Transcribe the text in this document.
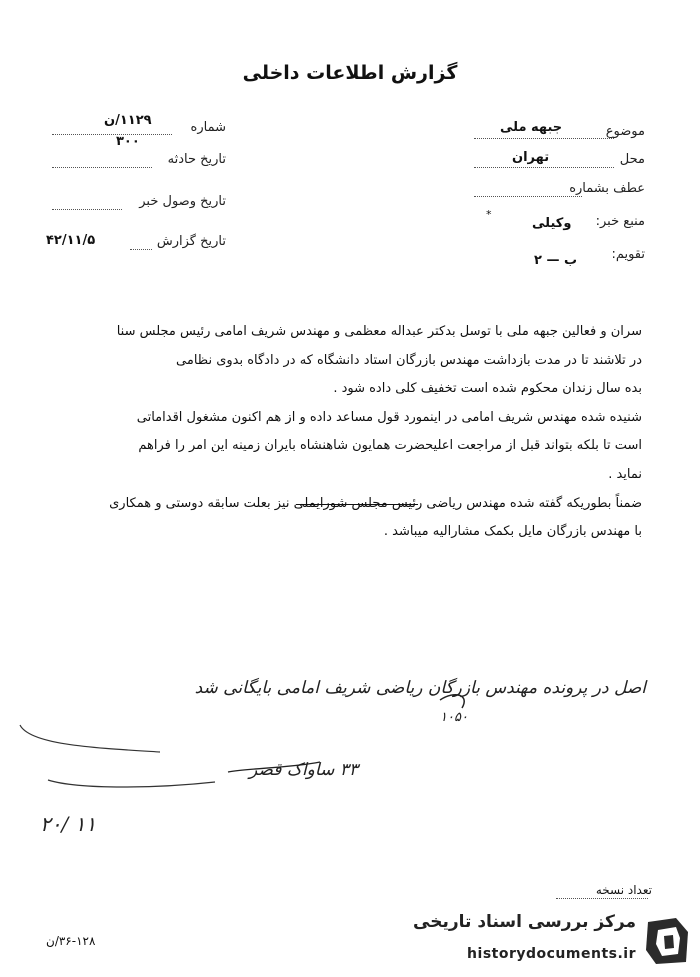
گزارش اطلاعات داخلی
شماره
۱۱۲۹/ن
۳۰۰
تاریخ حادثه
تاریخ وصول خبر
تاریخ گزارش
۴۲/۱۱/۵
موضوع
جبهه ملی
محل
تهران
عطف بشماره
منبع خبر:
وکیلی
*
تقویم:
ب — ۲

سران و فعالین جبهه ملی با توسل بدکتر عبداله معظمی و مهندس شریف امامی رئیس مجلس سنا

در تلاشند تا در مدت بازداشت مهندس بازرگان استاد دانشگاه که در دادگاه بدوی نظامی

بده سال زندان محکوم شده است تخفیف کلی داده شود .

شنیده شده مهندس شریف امامی در اینمورد قول مساعد داده و از هم اکنون مشغول اقداماتی

است تا بلکه بتواند قبل از مراجعت اعلیحضرت همایون شاهنشاه بایران زمینه این امر را فراهم

نماید .

ضمناً بطوریکه گفته شده مهندس ریاضی رئیس مجلس شورایملی نیز بعلت سابقه دوستی و همکاری

با مهندس بازرگان مایل بکمک مشارالیه میباشد .

اصل در پرونده مهندس بازرگان ریاضی شریف امامی بایگانی شد
۱۰۵۰
۳۳ ساواک قصر
۲۰/ ۱۱
تعداد نسخه
۳۶-۱۲۸/ن
مرکز بررسی اسناد تاریخی
historydocuments.ir
